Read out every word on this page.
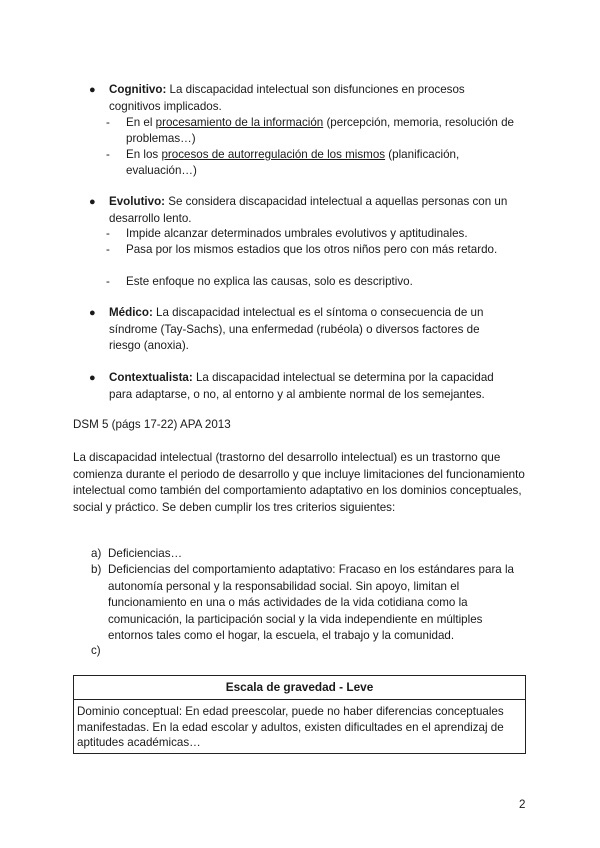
● Cognitivo: La discapacidad intelectual son disfunciones en procesos cognitivos implicados.
- En el procesamiento de la información (percepción, memoria, resolución de problemas…)
- En los procesos de autorregulación de los mismos (planificación, evaluación…)
● Evolutivo: Se considera discapacidad intelectual a aquellas personas con un desarrollo lento.
- Impide alcanzar determinados umbrales evolutivos y aptitudinales.
- Pasa por los mismos estadios que los otros niños pero con más retardo.
- Este enfoque no explica las causas, solo es descriptivo.
● Médico: La discapacidad intelectual es el síntoma o consecuencia de un síndrome (Tay-Sachs), una enfermedad (rubéola) o diversos factores de riesgo (anoxia).
● Contextualista: La discapacidad intelectual se determina por la capacidad para adaptarse, o no, al entorno y al ambiente normal de los semejantes.
DSM 5 (págs 17-22) APA 2013
La discapacidad intelectual (trastorno del desarrollo intelectual) es un trastorno que comienza durante el periodo de desarrollo y que incluye limitaciones del funcionamiento intelectual como también del comportamiento adaptativo en los dominios conceptuales, social y práctico. Se deben cumplir los tres criterios siguientes:
a) Deficiencias…
b) Deficiencias del comportamiento adaptativo: Fracaso en los estándares para la autonomía personal y la responsabilidad social. Sin apoyo, limitan el funcionamiento en una o más actividades de la vida cotidiana como la comunicación, la participación social y la vida independiente en múltiples entornos tales como el hogar, la escuela, el trabajo y la comunidad.
c)
Escala de gravedad - Leve
Dominio conceptual: En edad preescolar, puede no haber diferencias conceptuales manifestadas. En la edad escolar y adultos, existen dificultades en el aprendizaj de aptitudes académicas…
2
